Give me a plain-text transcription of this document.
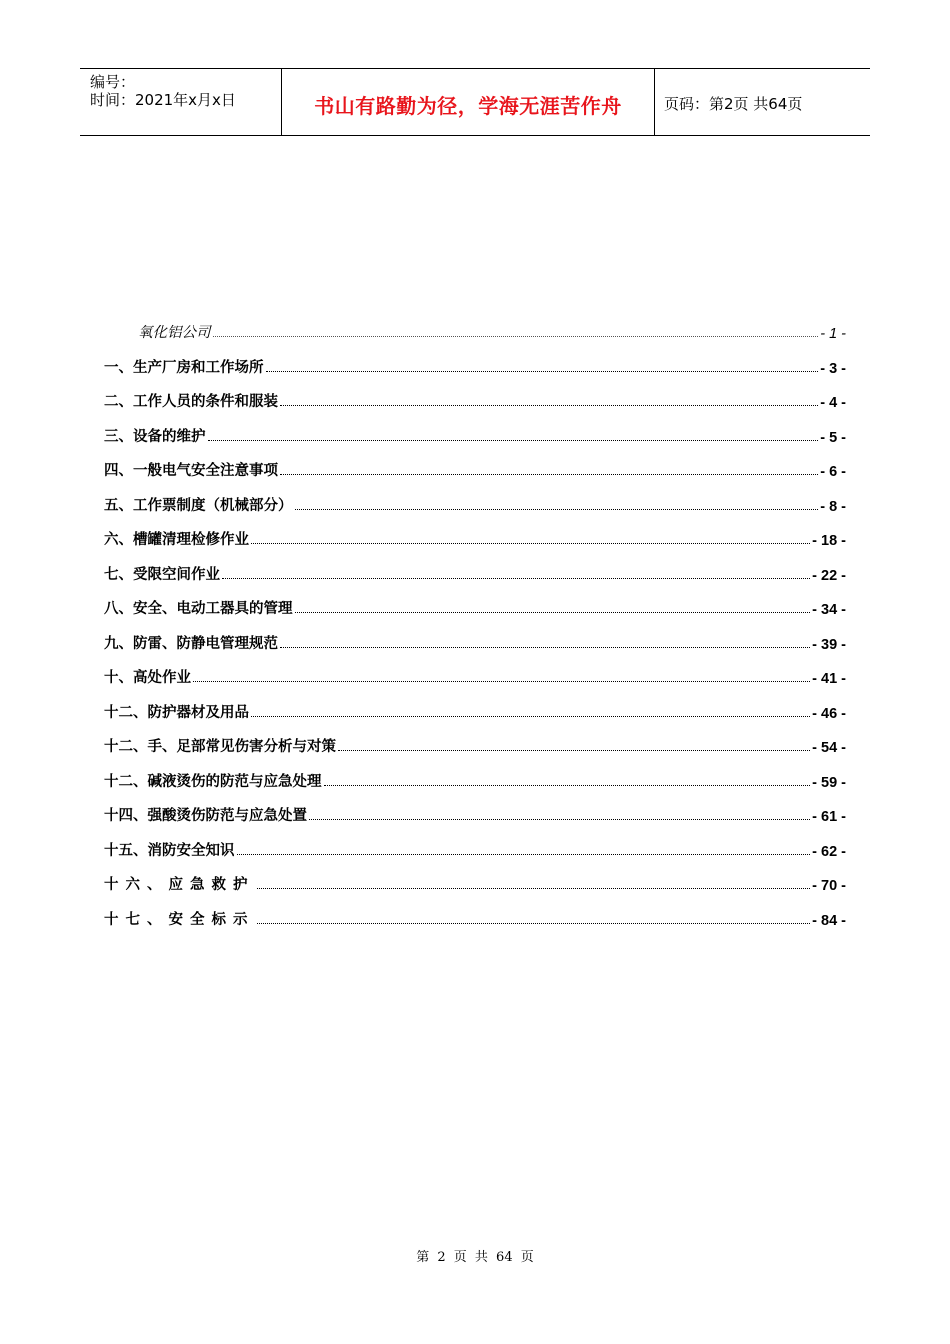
编号：
时间：2021年x月x日	书山有路勤为径，学海无涯苦作舟	页码：第2页 共64页
氧化铝公司	- 1 -
一、生产厂房和工作场所	- 3 -
二、工作人员的条件和服装	- 4 -
三、设备的维护	- 5 -
四、一般电气安全注意事项	- 6 -
五、工作票制度（机械部分）	- 8 -
六、槽罐清理检修作业	- 18 -
七、受限空间作业	- 22 -
八、安全、电动工器具的管理	- 34 -
九、防雷、防静电管理规范	- 39 -
十、高处作业	- 41 -
十二、防护器材及用品	- 46 -
十二、手、足部常见伤害分析与对策	- 54 -
十二、碱液烫伤的防范与应急处理	- 59 -
十四、强酸烫伤防范与应急处置	- 61 -
十五、消防安全知识	- 62 -
十六、应急救护	- 70 -
十七、安全标示	- 84 -
第 2 页 共 64 页
